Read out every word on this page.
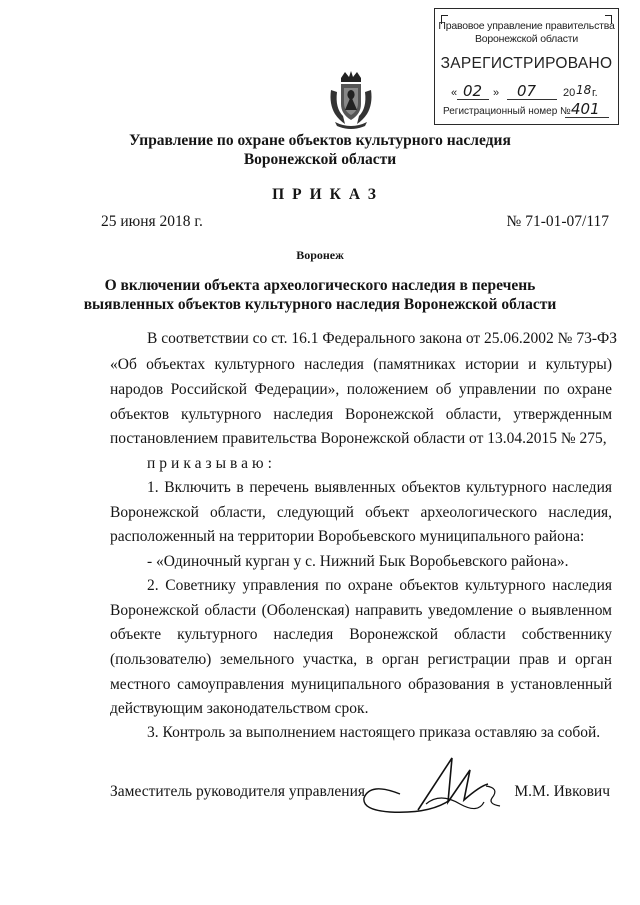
Правовое управление правительства
Воронежской области
ЗАРЕГИСТРИРОВАНО
« 02 » 07 20 18 г.
Регистрационный номер № 401
Управление по охране объектов культурного наследия
Воронежской области
ПРИКАЗ
25 июня 2018 г.	№ 71-01-07/117
Воронеж
О включении объекта археологического наследия в перечень
выявленных объектов культурного наследия Воронежской области
В соответствии со ст. 16.1 Федерального закона от 25.06.2002 № 73-ФЗ
«Об объектах культурного наследия (памятниках истории и культуры)
народов Российской Федерации», положением об управлении по охране
объектов культурного наследия Воронежской области, утвержденным
постановлением правительства Воронежской области от 13.04.2015 № 275,
приказываю:
1. Включить в перечень выявленных объектов культурного наследия
Воронежской области, следующий объект археологического наследия,
расположенный на территории Воробьевского муниципального района:
- «Одиночный курган у с. Нижний Бык Воробьевского района».
2. Советнику управления по охране объектов культурного наследия
Воронежской области (Оболенская) направить уведомление о выявленном
объекте культурного наследия Воронежской области собственнику
(пользователю) земельного участка, в орган регистрации прав и орган
местного самоуправления муниципального образования в установленный
действующим законодательством срок.
3. Контроль за выполнением настоящего приказа оставляю за собой.
Заместитель руководителя управления	М.М. Ивкович
